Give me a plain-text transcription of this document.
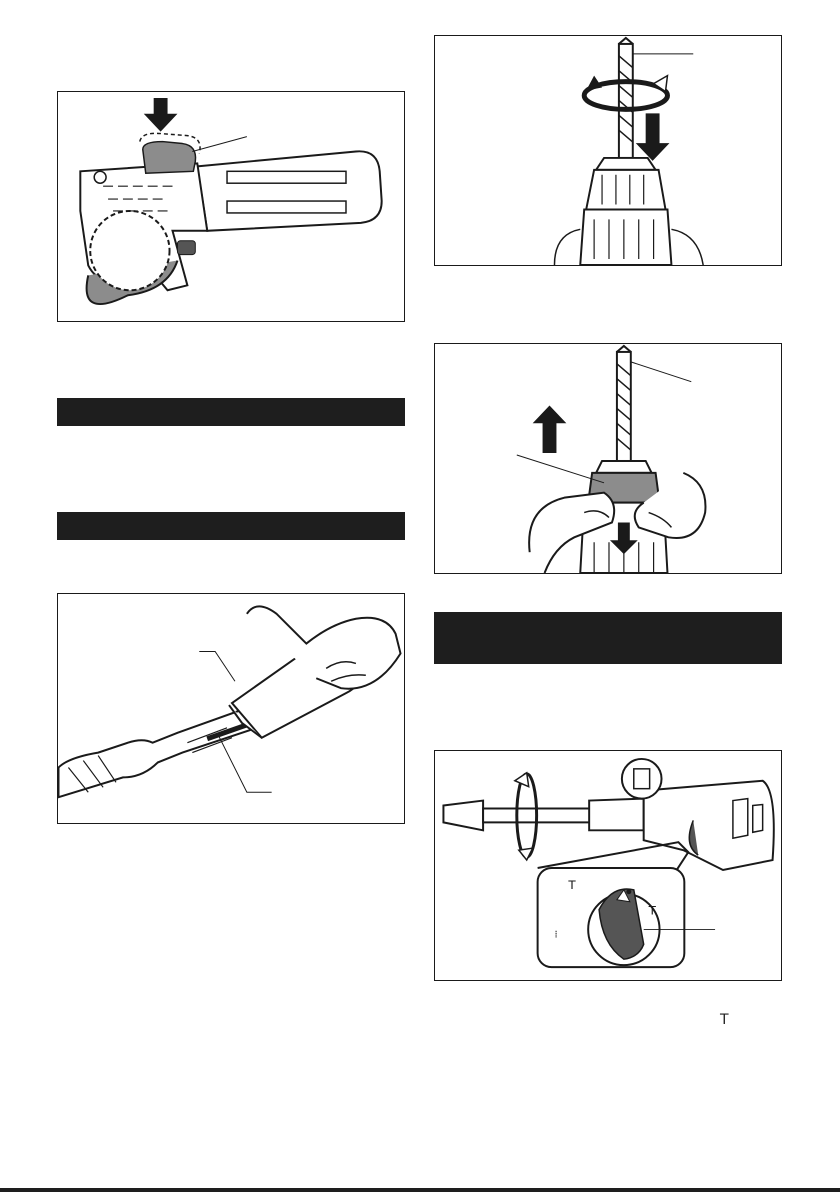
T
T
⁞
T
